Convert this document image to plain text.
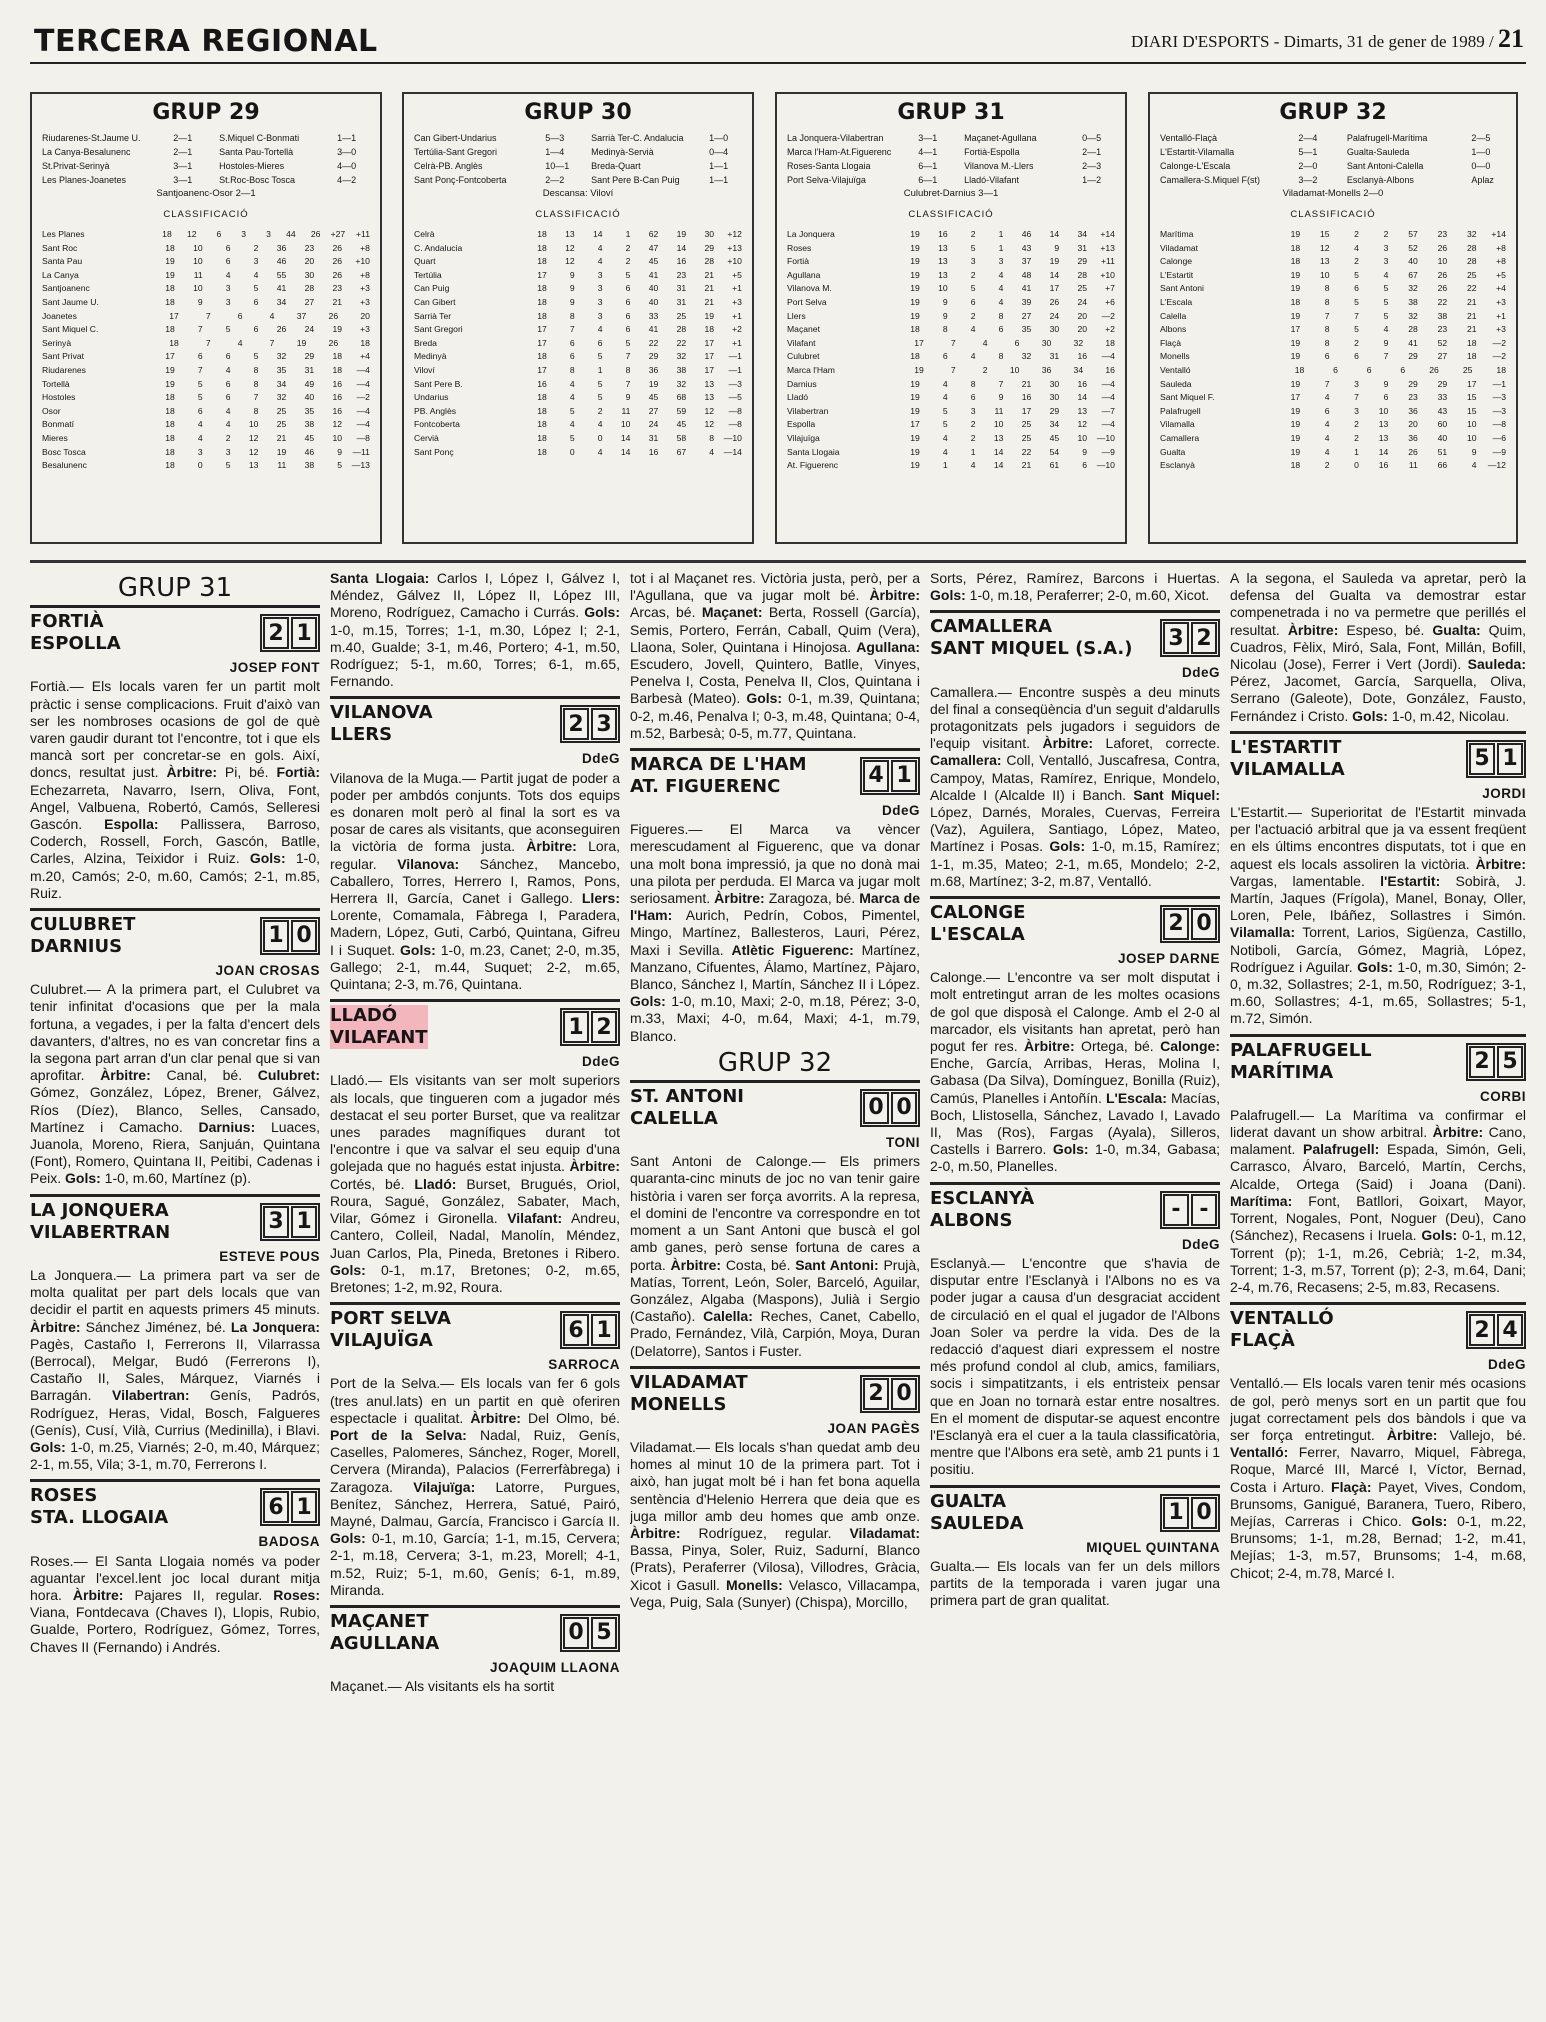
TERCERA REGIONAL	DIARI D'ESPORTS - Dimarts, 31 de gener de 1989 / 21
GRUP 29
Riudarenes-St.Jaume U.	2—1	S.Miquel C-Bonmati	1—1
La Canya-Besalunenc	2—1	Santa Pau-Tortellà	3—0
St.Privat-Serinyà	3—1	Hostoles-Mieres	4—0
Les Planes-Joanetes	3—1	St.Roc-Bosc Tosca	4—2
Santjoanenc-Osor 2—1
CLASSIFICACIÓ
Les Planes	18	12	6	3	3	44	26	+27	+11
Sant Roc	18	10	6	2	36	23	26	+8
Santa Pau	19	10	6	3	46	20	26	+10
La Canya	19	11	4	4	55	30	26	+8
Santjoanenc	18	10	3	5	41	28	23	+3
Sant Jaume U.	18	9	3	6	34	27	21	+3
Joanetes	17	7	6	4	37	26	20
Sant Miquel C.	18	7	5	6	26	24	19	+3
Serinyà	18	7	4	7	19	26	18
Sant Privat	17	6	6	5	32	29	18	+4
Riudarenes	19	7	4	8	35	31	18	—4
Tortellà	19	5	6	8	34	49	16	—4
Hostoles	18	5	6	7	32	40	16	—2
Osor	18	6	4	8	25	35	16	—4
Bonmatí	18	4	4	10	25	38	12	—4
Mieres	18	4	2	12	21	45	10	—8
Bosc Tosca	18	3	3	12	19	46	9	—11
Besalunenc	18	0	5	13	11	38	5	—13
GRUP 30
Can Gibert-Undarius	5—3	Sarrià Ter-C. Andalucia	1—0
Tertúlia-Sant Gregori	1—4	Medinyà-Servià	0—4
Celrà-PB. Anglès	10—1	Breda-Quart	1—1
Sant Ponç-Fontcoberta	2—2	Sant Pere B-Can Puig	1—1
Descansa: Viloví
CLASSIFICACIÓ
Celrà	18	13	14	1	62	19	30	+12
C. Andalucia	18	12	4	2	47	14	29	+13
Quart	18	12	4	2	45	16	28	+10
Tertúlia	17	9	3	5	41	23	21	+5
Can Puig	18	9	3	6	40	31	21	+1
Can Gibert	18	9	3	6	40	31	21	+3
Sarrià Ter	18	8	3	6	33	25	19	+1
Sant Gregori	17	7	4	6	41	28	18	+2
Breda	17	6	6	5	22	22	17	+1
Medinyà	18	6	5	7	29	32	17	—1
Viloví	17	8	1	8	36	38	17	—1
Sant Pere B.	16	4	5	7	19	32	13	—3
Undarius	18	4	5	9	45	68	13	—5
PB. Anglès	18	5	2	11	27	59	12	—8
Fontcoberta	18	4	4	10	24	45	12	—8
Cervià	18	5	0	14	31	58	8	—10
Sant Ponç	18	0	4	14	16	67	4	—14
GRUP 31
La Jonquera-Vilabertran	3—1	Maçanet-Agullana	0—5
Marca l'Ham-At.Figuerenc	4—1	Fortià-Espolla	2—1
Roses-Santa Llogaia	6—1	Vilanova M.-Llers	2—3
Port Selva-Vilajuïga	6—1	Lladó-Vilafant	1—2
Culubret-Darnius 3—1
CLASSIFICACIÓ
La Jonquera	19	16	2	1	46	14	34	+14
Roses	19	13	5	1	43	9	31	+13
Fortià	19	13	3	3	37	19	29	+11
Agullana	19	13	2	4	48	14	28	+10
Vilanova M.	19	10	5	4	41	17	25	+7
Port Selva	19	9	6	4	39	26	24	+6
Llers	19	9	2	8	27	24	20	—2
Maçanet	18	8	4	6	35	30	20	+2
Vilafant	17	7	4	6	30	32	18
Culubret	18	6	4	8	32	31	16	—4
Marca l'Ham	19	7	2	10	36	34	16
Darnius	19	4	8	7	21	30	16	—4
Lladó	19	4	6	9	16	30	14	—4
Vilabertran	19	5	3	11	17	29	13	—7
Espolla	17	5	2	10	25	34	12	—4
Vilajuïga	19	4	2	13	25	45	10	—10
Santa Llogaia	19	4	1	14	22	54	9	—9
At. Figuerenc	19	1	4	14	21	61	6	—10
GRUP 32
Ventalló-Flaçà	2—4	Palafrugell-Marítima	2—5
L'Estartit-Vilamalla	5—1	Gualta-Sauleda	1—0
Calonge-L'Escala	2—0	Sant Antoni-Calella	0—0
Camallera-S.Miquel F(st)	3—2	Esclanyà-Albons	Aplaz
Viladamat-Monells 2—0
CLASSIFICACIÓ
Marítima	19	15	2	2	57	23	32	+14
Viladamat	18	12	4	3	52	26	28	+8
Calonge	18	13	2	3	40	10	28	+8
L'Estartit	19	10	5	4	67	26	25	+5
Sant Antoni	19	8	6	5	32	26	22	+4
L'Escala	18	8	5	5	38	22	21	+3
Calella	19	7	7	5	32	38	21	+1
Albons	17	8	5	4	28	23	21	+3
Flaçà	19	8	2	9	41	52	18	—2
Monells	19	6	6	7	29	27	18	—2
Ventalló	18	6	6	6	26	25	18
Sauleda	19	7	3	9	29	29	17	—1
Sant Miquel F.	17	4	7	6	23	33	15	—3
Palafrugell	19	6	3	10	36	43	15	—3
Vilamalla	19	4	2	13	20	60	10	—8
Camallera	19	4	2	13	36	40	10	—6
Gualta	19	4	1	14	26	51	9	—9
Esclanyà	18	2	0	16	11	66	4	—12
GRUP 31
FORTIÀ
ESPOLLA	2 1
JOSEP FONT

Fortià.— Els locals varen fer un partit molt pràctic i sense complicacions. Fruit d'això van ser les nombroses ocasions de gol de què varen gaudir durant tot l'encontre, tot i que els mancà sort per concretar-se en gols. Així, doncs, resultat just. Àrbitre: Pi, bé. Fortià: Echezarreta, Navarro, Isern, Oliva, Font, Angel, Valbuena, Robertó, Camós, Selleresi Gascón. Espolla: Pallissera, Barroso, Coderch, Rossell, Forch, Gascón, Batlle, Carles, Alzina, Teixidor i Ruiz. Gols: 1-0, m.20, Camós; 2-0, m.60, Camós; 2-1, m.85, Ruiz.

CULUBRET
DARNIUS	1 0
JOAN CROSAS

Culubret.— A la primera part, el Culubret va tenir infinitat d'ocasions que per la mala fortuna, a vegades, i per la falta d'encert dels davanters, d'altres, no es van concretar fins a la segona part arran d'un clar penal que si van aprofitar. Àrbitre: Canal, bé. Culubret: Gómez, González, López, Brener, Gálvez, Ríos (Díez), Blanco, Selles, Cansado, Martínez i Camacho. Darnius: Luaces, Juanola, Moreno, Riera, Sanjuán, Quintana (Font), Romero, Quintana II, Peitibi, Cadenas i Peix. Gols: 1-0, m.60, Martínez (p).

LA JONQUERA
VILABERTRAN	3 1
ESTEVE POUS

La Jonquera.— La primera part va ser de molta qualitat per part dels locals que van decidir el partit en aquests primers 45 minuts. Àrbitre: Sánchez Jiménez, bé. La Jonquera: Pagès, Castaño I, Ferrerons II, Vilarrassa (Berrocal), Melgar, Budó (Ferrerons I), Castaño II, Sales, Márquez, Viarnés i Barragán. Vilabertran: Genís, Padrós, Rodríguez, Heras, Vidal, Bosch, Falgueres (Genís), Cusí, Vilà, Currius (Medinilla), i Blavi. Gols: 1-0, m.25, Viarnés; 2-0, m.40, Márquez; 2-1, m.55, Vila; 3-1, m.70, Ferrerons I.

ROSES
STA. LLOGAIA	6 1
BADOSA

Roses.— El Santa Llogaia només va poder aguantar l'excel.lent joc local durant mitja hora. Àrbitre: Pajares II, regular. Roses: Viana, Fontdecava (Chaves I), Llopis, Rubio, Gualde, Portero, Rodríguez, Gómez, Torres, Chaves II (Fernando) i Andrés.

Santa Llogaia: Carlos I, López I, Gálvez I, Méndez, Gálvez II, López II, López III, Moreno, Rodríguez, Camacho i Currás. Gols: 1-0, m.15, Torres; 1-1, m.30, López I; 2-1, m.40, Gualde; 3-1, m.46, Portero; 4-1, m.50, Rodríguez; 5-1, m.60, Torres; 6-1, m.65, Fernando.

VILANOVA
LLERS	2 3
DdeG

Vilanova de la Muga.— Partit jugat de poder a poder per ambdós conjunts. Tots dos equips es donaren molt però al final la sort es va posar de cares als visitants, que aconseguiren la victòria de forma justa. Àrbitre: Lora, regular. Vilanova: Sánchez, Mancebo, Caballero, Torres, Herrero I, Ramos, Pons, Herrera II, García, Canet i Gallego. Llers: Lorente, Comamala, Fàbrega I, Paradera, Madern, López, Guti, Carbó, Quintana, Gifreu I i Suquet. Gols: 1-0, m.23, Canet; 2-0, m.35, Gallego; 2-1, m.44, Suquet; 2-2, m.65, Quintana; 2-3, m.76, Quintana.

LLADÓ
VILAFANT	1 2
DdeG

Lladó.— Els visitants van ser molt superiors als locals, que tingueren com a jugador més destacat el seu porter Burset, que va realitzar unes parades magnífiques durant tot l'encontre i que va salvar el seu equip d'una golejada que no hagués estat injusta. Àrbitre: Cortés, bé. Lladó: Burset, Brugués, Oriol, Roura, Sagué, González, Sabater, Mach, Vilar, Gómez i Gironella. Vilafant: Andreu, Cantero, Colleil, Nadal, Manolín, Méndez, Juan Carlos, Pla, Pineda, Bretones i Ribero. Gols: 0-1, m.17, Bretones; 0-2, m.65, Bretones; 1-2, m.92, Roura.

PORT SELVA
VILAJUÏGA	6 1
SARROCA

Port de la Selva.— Els locals van fer 6 gols (tres anul.lats) en un partit en què oferiren espectacle i qualitat. Àrbitre: Del Olmo, bé. Port de la Selva: Nadal, Ruiz, Genís, Caselles, Palomeres, Sánchez, Roger, Morell, Cervera (Miranda), Palacios (Ferrerfàbrega) i Zaragoza. Vilajuïga: Latorre, Purgues, Benítez, Sánchez, Herrera, Satué, Pairó, Mayné, Dalmau, García, Francisco i García II. Gols: 0-1, m.10, García; 1-1, m.15, Cervera; 2-1, m.18, Cervera; 3-1, m.23, Morell; 4-1, m.52, Ruiz; 5-1, m.60, Genís; 6-1, m.89, Miranda.

MAÇANET
AGULLANA	0 5
JOAQUIM LLAONA

Maçanet.— Als visitants els ha sortit

tot i al Maçanet res. Victòria justa, però, per a l'Agullana, que va jugar molt bé. Àrbitre: Arcas, bé. Maçanet: Berta, Rossell (García), Semis, Portero, Ferrán, Caball, Quim (Vera), Llaona, Soler, Quintana i Hinojosa. Agullana: Escudero, Jovell, Quintero, Batlle, Vinyes, Penelva I, Costa, Penelva II, Clos, Quintana i Barbesà (Mateo). Gols: 0-1, m.39, Quintana; 0-2, m.46, Penalva I; 0-3, m.48, Quintana; 0-4, m.52, Barbesà; 0-5, m.77, Quintana.

MARCA DE L'HAM
AT. FIGUERENC	4 1
DdeG

Figueres.— El Marca va vèncer merescudament al Figuerenc, que va donar una molt bona impressió, ja que no donà mai una pilota per perduda. El Marca va jugar molt seriosament. Àrbitre: Zaragoza, bé. Marca de l'Ham: Aurich, Pedrín, Cobos, Pimentel, Mingo, Martínez, Ballesteros, Lauri, Pérez, Maxi i Sevilla. Atlètic Figuerenc: Martínez, Manzano, Cifuentes, Álamo, Martínez, Pàjaro, Blanco, Sánchez I, Martín, Sánchez II i López. Gols: 1-0, m.10, Maxi; 2-0, m.18, Pérez; 3-0, m.33, Maxi; 4-0, m.64, Maxi; 4-1, m.79, Blanco.

GRUP 32
ST. ANTONI
CALELLA	0 0
TONI

Sant Antoni de Calonge.— Els primers quaranta-cinc minuts de joc no van tenir gaire història i varen ser força avorrits. A la represa, el domini de l'encontre va correspondre en tot moment a un Sant Antoni que buscà el gol amb ganes, però sense fortuna de cares a porta. Àrbitre: Costa, bé. Sant Antoni: Prujà, Matías, Torrent, León, Soler, Barceló, Aguilar, González, Algaba (Maspons), Julià i Sergio (Castaño). Calella: Reches, Canet, Cabello, Prado, Fernández, Vilà, Carpión, Moya, Duran (Delatorre), Santos i Fuster.

VILADAMAT
MONELLS	2 0
JOAN PAGÈS

Viladamat.— Els locals s'han quedat amb deu homes al minut 10 de la primera part. Tot i això, han jugat molt bé i han fet bona aquella sentència d'Helenio Herrera que deia que es juga millor amb deu homes que amb onze. Àrbitre: Rodríguez, regular. Viladamat: Bassa, Pinya, Soler, Ruiz, Sadurní, Blanco (Prats), Peraferrer (Vilosa), Villodres, Gràcia, Xicot i Gasull. Monells: Velasco, Villacampa, Vega, Puig, Sala (Sunyer) (Chispa), Morcillo,

Sorts, Pérez, Ramírez, Barcons i Huertas. Gols: 1-0, m.18, Peraferrer; 2-0, m.60, Xicot.

CAMALLERA
SANT MIQUEL (S.A.) 3 2
DdeG

Camallera.— Encontre suspès a deu minuts del final a conseqüència d'un seguit d'aldarulls protagonitzats pels jugadors i seguidors de l'equip visitant. Àrbitre: Laforet, correcte. Camallera: Coll, Ventalló, Juscafresa, Contra, Campoy, Matas, Ramírez, Enrique, Mondelo, Alcalde I (Alcalde II) i Banch. Sant Miquel: López, Darnés, Morales, Cuervas, Ferreira (Vaz), Aguilera, Santiago, López, Mateo, Martínez i Posas. Gols: 1-0, m.15, Ramírez; 1-1, m.35, Mateo; 2-1, m.65, Mondelo; 2-2, m.68, Martínez; 3-2, m.87, Ventalló.

CALONGE
L'ESCALA	2 0
JOSEP DARNE

Calonge.— L'encontre va ser molt disputat i molt entretingut arran de les moltes ocasions de gol que disposà el Calonge. Amb el 2-0 al marcador, els visitants han apretat, però han pogut fer res. Àrbitre: Ortega, bé. Calonge: Enche, García, Arribas, Heras, Molina I, Gabasa (Da Silva), Domínguez, Bonilla (Ruiz), Camús, Planelles i Antoñín. L'Escala: Macías, Boch, Llistosella, Sánchez, Lavado I, Lavado II, Mas (Ros), Fargas (Ayala), Silleros, Castells i Barrero. Gols: 1-0, m.34, Gabasa; 2-0, m.50, Planelles.

ESCLANYÀ
ALBONS	- -
DdeG

Esclanyà.— L'encontre que s'havia de disputar entre l'Esclanyà i l'Albons no es va poder jugar a causa d'un desgraciat accident de circulació en el qual el jugador de l'Albons Joan Soler va perdre la vida. Des de la redacció d'aquest diari expressem el nostre més profund condol al club, amics, familiars, socis i simpatitzants, i els entristeix pensar que en Joan no tornarà estar entre nosaltres. En el moment de disputar-se aquest encontre l'Esclanyà era el cuer a la taula classificatòria, mentre que l'Albons era setè, amb 21 punts i 1 positiu.

GUALTA
SAULEDA	1 0
MIQUEL QUINTANA

Gualta.— Els locals van fer un dels millors partits de la temporada i varen jugar una primera part de gran qualitat.

A la segona, el Sauleda va apretar, però la defensa del Gualta va demostrar estar compenetrada i no va permetre que perillés el resultat. Àrbitre: Espeso, bé. Gualta: Quim, Cuadros, Fèlix, Miró, Sala, Font, Millán, Bofill, Nicolau (Jose), Ferrer i Vert (Jordi). Sauleda: Pérez, Jacomet, García, Sarquella, Oliva, Serrano (Galeote), Dote, González, Fausto, Fernández i Cristo. Gols: 1-0, m.42, Nicolau.

L'ESTARTIT
VILAMALLA	5 1
JORDI

L'Estartit.— Superioritat de l'Estartit minvada per l'actuació arbitral que ja va essent freqüent en els últims encontres disputats, tot i que en aquest els locals assoliren la victòria. Àrbitre: Vargas, lamentable. l'Estartit: Sobirà, J. Martín, Jaques (Frígola), Manel, Bonay, Oller, Loren, Pele, Ibáñez, Sollastres i Simón. Vilamalla: Torrent, Larios, Sigüenza, Castillo, Notiboli, García, Gómez, Magrià, López, Rodríguez i Aguilar. Gols: 1-0, m.30, Simón; 2-0, m.32, Sollastres; 2-1, m.50, Rodríguez; 3-1, m.60, Sollastres; 4-1, m.65, Sollastres; 5-1, m.72, Simón.

PALAFRUGELL
MARÍTIMA	2 5
CORBI

Palafrugell.— La Marítima va confirmar el liderat davant un show arbitral. Àrbitre: Cano, malament. Palafrugell: Espada, Simón, Geli, Carrasco, Álvaro, Barceló, Martín, Cerchs, Alcalde, Ortega (Said) i Joana (Dani). Marítima: Font, Batllori, Goixart, Mayor, Torrent, Nogales, Pont, Noguer (Deu), Cano (Sánchez), Recasens i Iruela. Gols: 0-1, m.12, Torrent (p); 1-1, m.26, Cebrià; 1-2, m.34, Torrent; 1-3, m.57, Torrent (p); 2-3, m.64, Dani; 2-4, m.76, Recasens; 2-5, m.83, Recasens.

VENTALLÓ
FLAÇÀ	2 4
DdeG

Ventalló.— Els locals varen tenir més ocasions de gol, però menys sort en un partit que fou jugat correctament pels dos bàndols i que va ser força entretingut. Àrbitre: Vallejo, bé. Ventalló: Ferrer, Navarro, Miquel, Fàbrega, Roque, Marcé III, Marcé I, Víctor, Bernad, Costa i Arturo. Flaçà: Payet, Vives, Condom, Brunsoms, Ganigué, Baranera, Tuero, Ribero, Mejías, Carreras i Chico. Gols: 0-1, m.22, Brunsoms; 1-1, m.28, Bernad; 1-2, m.41, Mejías; 1-3, m.57, Brunsoms; 1-4, m.68, Chicot; 2-4, m.78, Marcé I.
